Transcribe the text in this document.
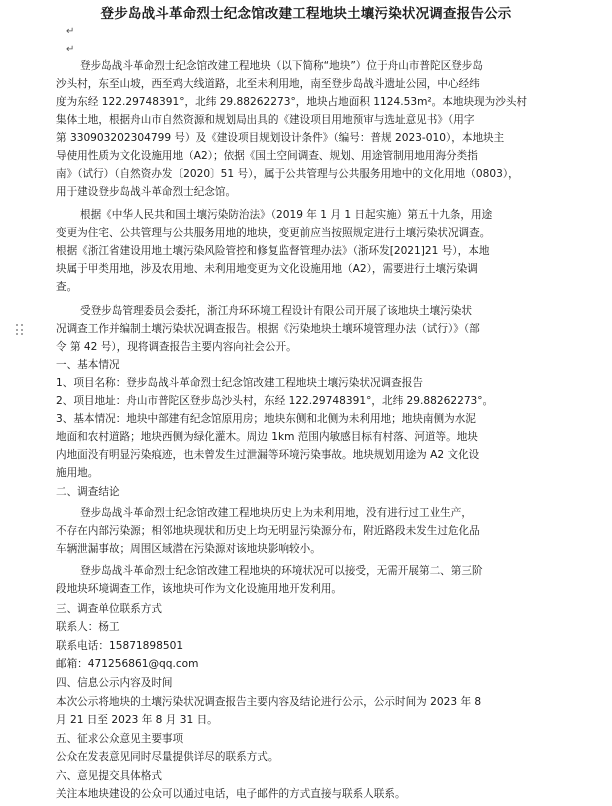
登步岛战斗革命烈士纪念馆改建工程地块土壤污染状况调查报告公示
↵
↵
登步岛战斗革命烈士纪念馆改建工程地块（以下简称“地块”）位于舟山市普陀区登步岛
沙头村，东至山坡，西至鸡大线道路，北至未利用地，南至登步岛战斗遗址公园，中心经纬
度为东经 122.29748391°，北纬 29.88262273°，地块占地面积 1124.53m²。本地块现为沙头村
集体土地，根据舟山市自然资源和规划局出具的《建设项目用地预审与选址意见书》（用字
第 330903202304799 号）及《建设项目规划设计条件》（编号：普规 2023-010），本地块主
导使用性质为文化设施用地（A2）；依据《国土空间调查、规划、用途管制用地用海分类指
南》（试行）（自然资办发〔2020〕51 号），属于公共管理与公共服务用地中的文化用地（0803），
用于建设登步岛战斗革命烈士纪念馆。
根据《中华人民共和国土壤污染防治法》（2019 年 1 月 1 日起实施）第五十九条，用途
变更为住宅、公共管理与公共服务用地的地块，变更前应当按照规定进行土壤污染状况调查。
根据《浙江省建设用地土壤污染风险管控和修复监督管理办法》（浙环发[2021]21 号），本地
块属于甲类用地，涉及农用地、未利用地变更为文化设施用地（A2），需要进行土壤污染调
查。
受登步岛管理委员会委托，浙江舟环环境工程设计有限公司开展了该地块土壤污染状
况调查工作并编制土壤污染状况调查报告。根据《污染地块土壤环境管理办法（试行）》（部
令 第 42 号），现将调查报告主要内容向社会公开。
一、基本情况
1、项目名称：登步岛战斗革命烈士纪念馆改建工程地块土壤污染状况调查报告
2、项目地址：舟山市普陀区登步岛沙头村，东经 122.29748391°，北纬 29.88262273°。
3、基本情况：地块中部建有纪念馆原用房；地块东侧和北侧为未利用地；地块南侧为水泥
地面和农村道路；地块西侧为绿化灌木。周边 1km 范围内敏感目标有村落、河道等。地块
内地面没有明显污染痕迹，也未曾发生过泄漏等环境污染事故。地块规划用途为 A2 文化设
施用地。
二、调查结论
登步岛战斗革命烈士纪念馆改建工程地块历史上为未利用地，没有进行过工业生产，
不存在内部污染源；相邻地块现状和历史上均无明显污染源分布，附近路段未发生过危化品
车辆泄漏事故；周围区域潜在污染源对该地块影响较小。
登步岛战斗革命烈士纪念馆改建工程地块的环境状况可以接受，无需开展第二、第三阶
段地块环境调查工作，该地块可作为文化设施用地开发利用。
三、调查单位联系方式
联系人：杨工
联系电话：15871898501
邮箱：471256861@qq.com
四、信息公示内容及时间
本次公示将地块的土壤污染状况调查报告主要内容及结论进行公示，公示时间为 2023 年 8
月 21 日至 2023 年 8 月 31 日。
五、征求公众意见主要事项
公众在发表意见同时尽量提供详尽的联系方式。
六、意见提交具体格式
关注本地块建设的公众可以通过电话，电子邮件的方式直接与联系人联系。
